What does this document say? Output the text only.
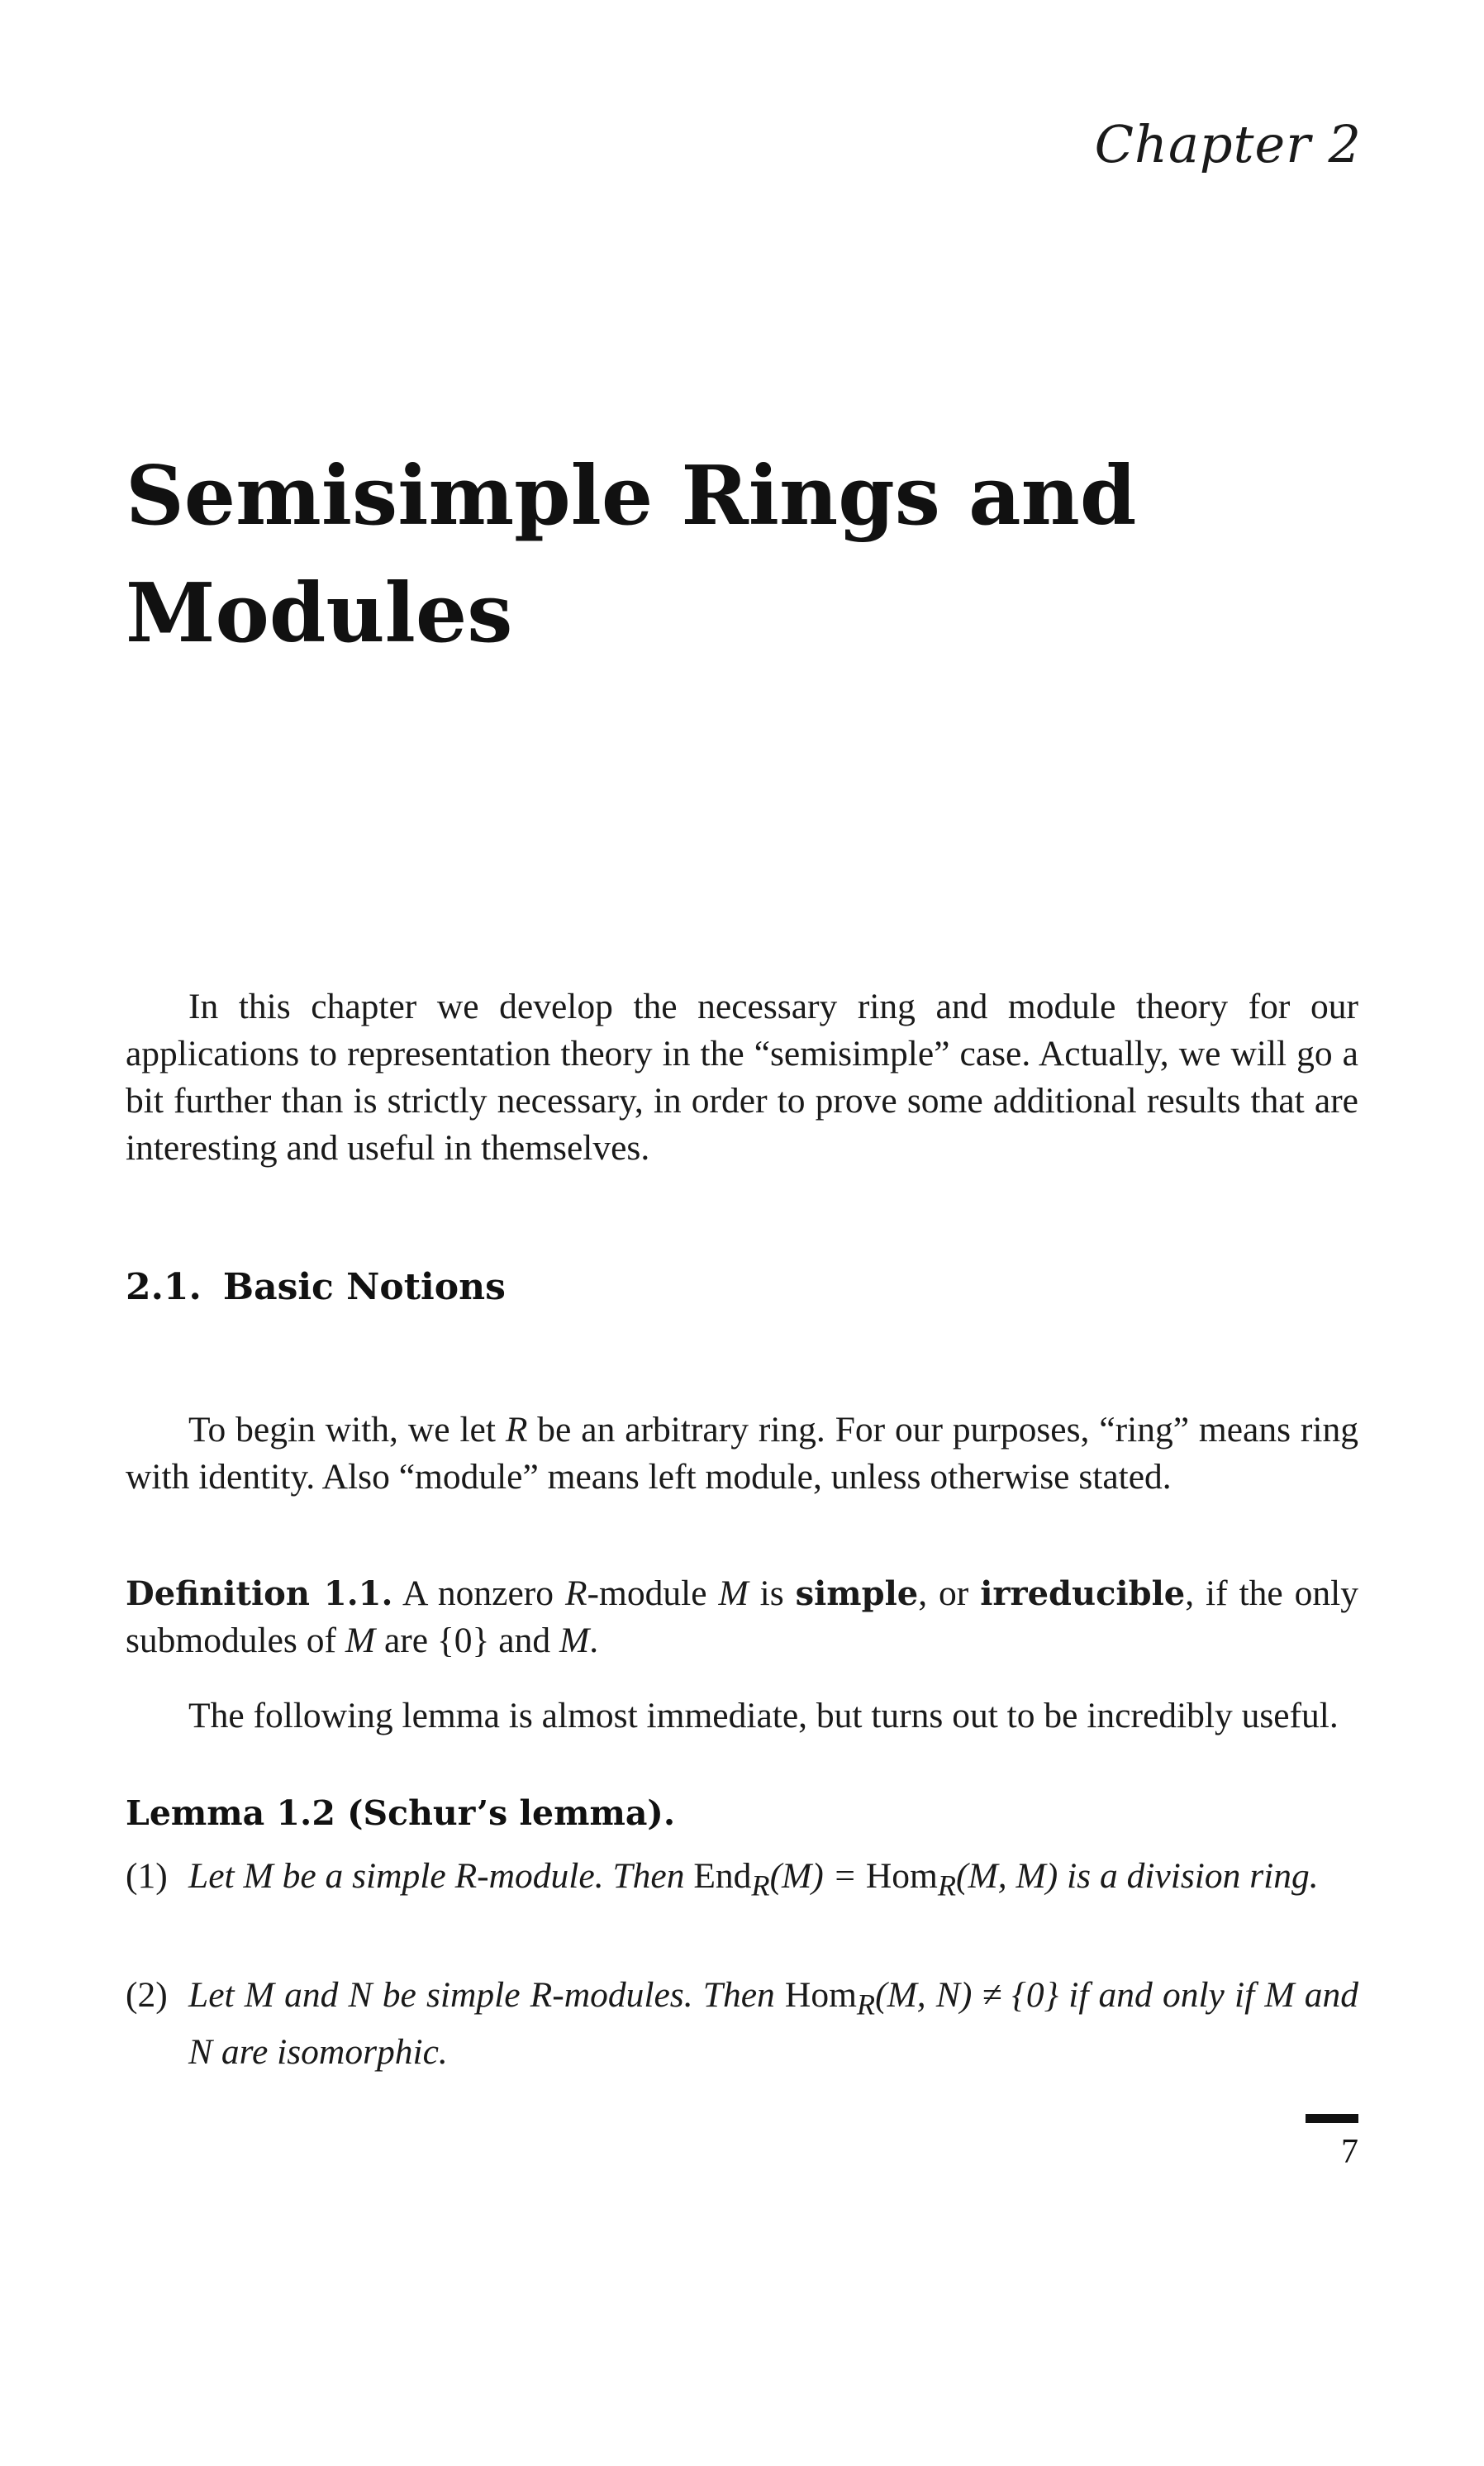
Chapter 2
Semisimple Rings and Modules
In this chapter we develop the necessary ring and module theory for our applications to representation theory in the “semisimple” case. Actually, we will go a bit further than is strictly necessary, in order to prove some additional results that are interesting and useful in themselves.
2.1. Basic Notions
To begin with, we let R be an arbitrary ring. For our purposes, “ring” means ring with identity. Also “module” means left module, unless otherwise stated.
Definition 1.1. A nonzero R-module M is simple, or irreducible, if the only submodules of M are {0} and M.
The following lemma is almost immediate, but turns out to be incredibly useful.
Lemma 1.2 (Schur’s lemma).
(1) Let M be a simple R-module. Then End$_R$(M) = Hom$_R$(M, M) is a division ring.
(2) Let M and N be simple R-modules. Then Hom$_R$(M, N) ≠ {0} if and only if M and N are isomorphic.
7
